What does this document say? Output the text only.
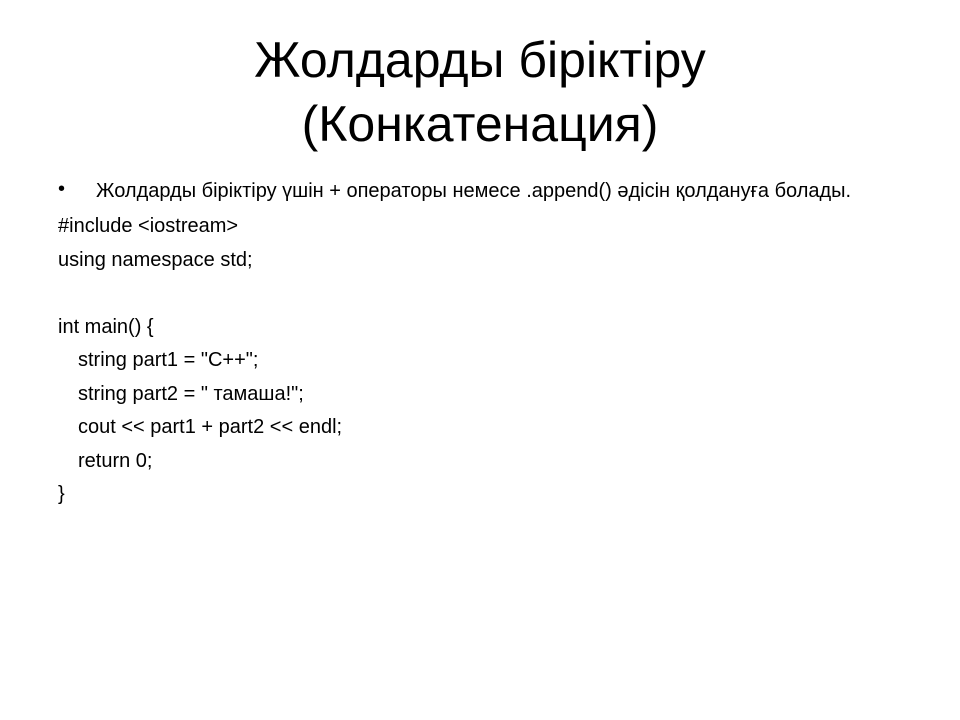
Жолдарды біріктіру
(Конкатенация)
• Жолдарды біріктіру үшін + операторы немесе .append() әдісін қолдануға болады.
#include <iostream>
using namespace std;
int main() {
string part1 = "C++";
string part2 = " тамаша!";
cout << part1 + part2 << endl;
return 0;
}
